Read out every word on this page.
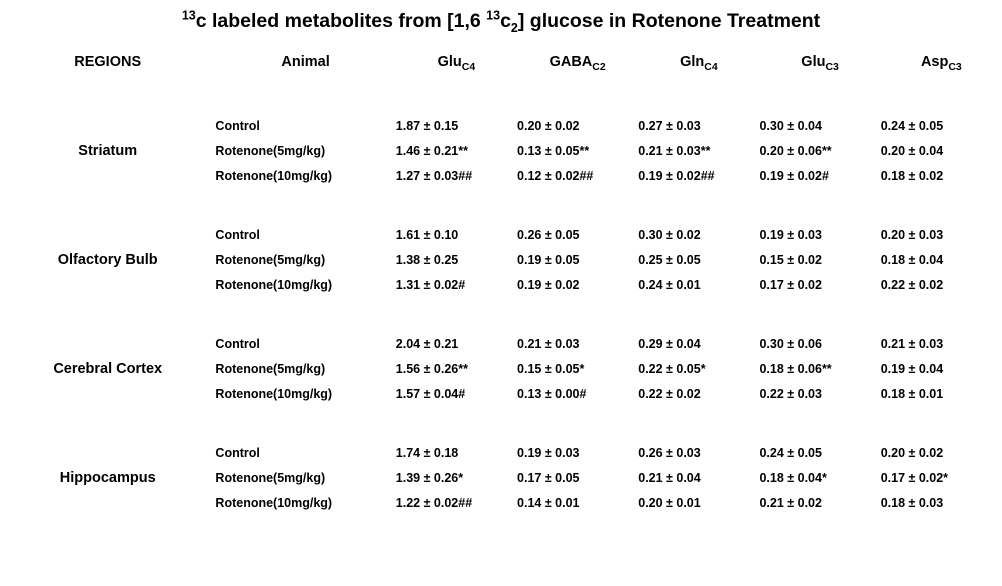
$^{13}$c labeled metabolites from [1,6 $^{13}c_2$] glucose in Rotenone Treatment
REGIONS	Animal	Glu$_{C4}$	$GABA_{C2}$	Gln$_{C4}$	Glu$_{C3}$	Asp$_{C3}$

Striatum	Control	1.87 ± 0.15	0.20 ± 0.02	0.27 ± 0.03	0.30 ± 0.04	0.24 ± 0.05
	Rotenone(5mg/kg)	1.46 ± 0.21**	0.13 ± 0.05**	0.21 ± 0.03**	0.20 ± 0.06**	0.20 ± 0.04
	Rotenone(10mg/kg)	1.27 ± 0.03##	0.12 ± 0.02##	0.19 ± 0.02##	0.19 ± 0.02#	0.18 ± 0.02

Olfactory Bulb	Control	1.61 ± 0.10	0.26 ± 0.05	0.30 ± 0.02	0.19 ± 0.03	0.20 ± 0.03
	Rotenone(5mg/kg)	1.38 ± 0.25	0.19 ± 0.05	0.25 ± 0.05	0.15 ± 0.02	0.18 ± 0.04
	Rotenone(10mg/kg)	1.31 ± 0.02#	0.19 ± 0.02	0.24 ± 0.01	0.17 ± 0.02	0.22 ± 0.02

Cerebral Cortex	Control	2.04 ± 0.21	0.21 ± 0.03	0.29 ± 0.04	0.30 ± 0.06	0.21 ± 0.03
	Rotenone(5mg/kg)	1.56 ± 0.26**	0.15 ± 0.05*	0.22 ± 0.05*	0.18 ± 0.06**	0.19 ± 0.04
	Rotenone(10mg/kg)	1.57 ± 0.04#	0.13 ± 0.00#	0.22 ± 0.02	0.22 ± 0.03	0.18 ± 0.01

Hippocampus	Control	1.74 ± 0.18	0.19 ± 0.03	0.26 ± 0.03	0.24 ± 0.05	0.20 ± 0.02
	Rotenone(5mg/kg)	1.39 ± 0.26*	0.17 ± 0.05	0.21 ± 0.04	0.18 ± 0.04*	0.17 ± 0.02*
	Rotenone(10mg/kg)	1.22 ± 0.02##	0.14 ± 0.01	0.20 ± 0.01	0.21 ± 0.02	0.18 ± 0.03
